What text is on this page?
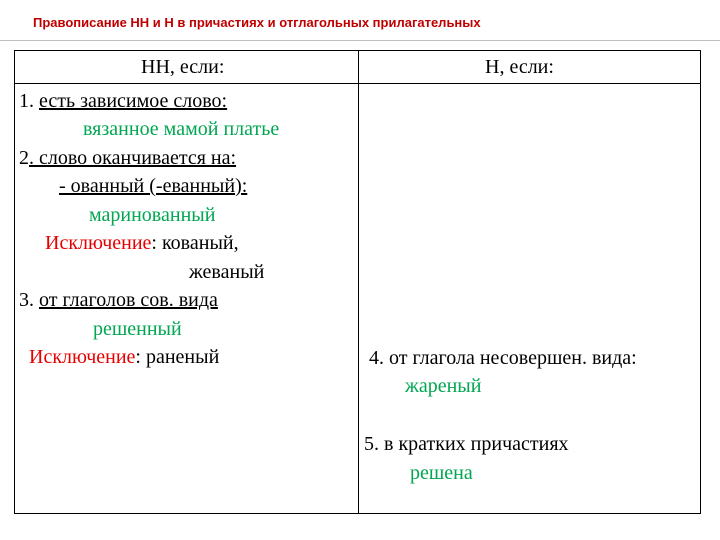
Правописание НН и Н в причастиях и отглагольных прилагательных
НН, если:	Н, если:
1. есть зависимое слово:
вязанное мамой платье
2. слово оканчивается на:
- ованный (-еванный):
маринованный
Исключение: кованый,
жеваный
3. от глаголов сов. вида
решенный
Исключение: раненый	4. от глагола несовершен. вида:
жареный
5. в кратких причастиях
решена
